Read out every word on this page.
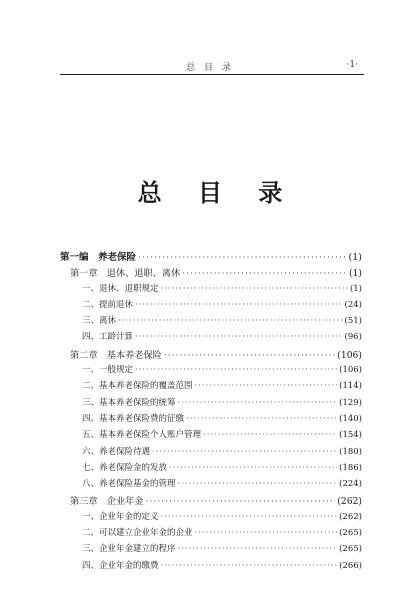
总 目 录	·1·
总 目 录
第一编　养老保险 ·····	(1)
第一章　退休、退职、离休 ·····	(1)
一、退休、退职规定 ·····	(1)
二、提前退休 ·····	(24)
三、离休 ·····	(51)
四、工龄计算 ·····	(96)
第二章　基本养老保险 ·····	(106)
一、一般规定 ·····	(106)
二、基本养老保险的覆盖范围 ·····	(114)
三、基本养老保险的统筹 ·····	(129)
四、基本养老保险费的征缴 ·····	(140)
五、基本养老保险个人账户管理 ·····	(154)
六、养老保险待遇 ·····	(180)
七、养老保险金的发放 ·····	(186)
八、养老保险基金的管理 ·····	(224)
第三章　企业年金 ·····	(262)
一、企业年金的定义 ·····	(262)
二、可以建立企业年金的企业 ·····	(265)
三、企业年金建立的程序 ·····	(265)
四、企业年金的缴费 ·····	(266)
